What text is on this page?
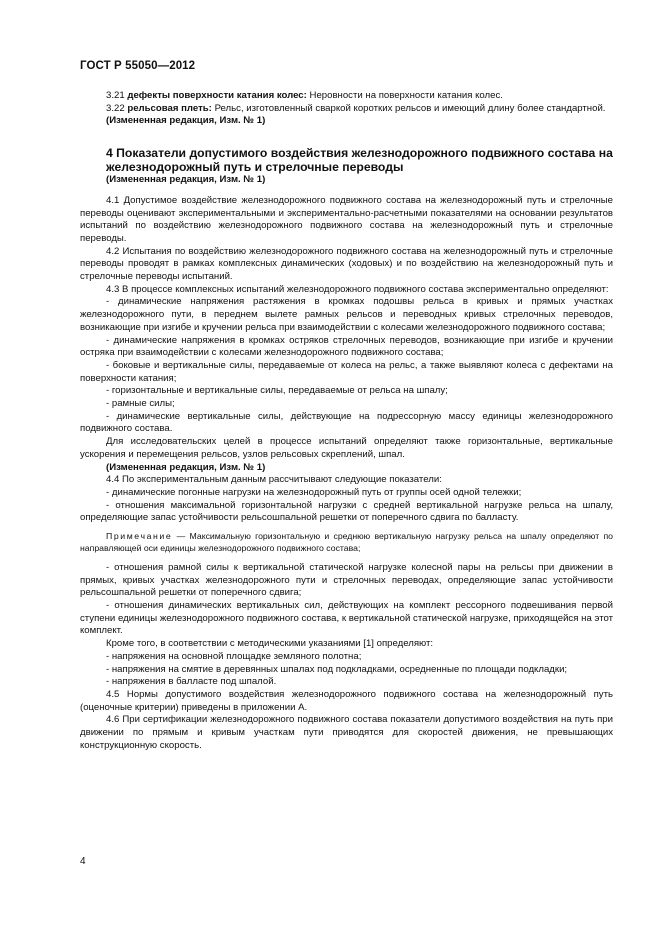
ГОСТ Р 55050—2012

3.21 дефекты поверхности катания колес: Неровности на поверхности катания колес.

3.22 рельсовая плеть: Рельс, изготовленный сваркой коротких рельсов и имеющий длину более стандартной.

(Измененная редакция, Изм. № 1)

4 Показатели допустимого воздействия железнодорожного подвижного состава на железнодорожный путь и стрелочные переводы
(Измененная редакция, Изм. № 1)

4.1 Допустимое воздействие железнодорожного подвижного состава на железнодорожный путь и стрелочные переводы оценивают экспериментальными и экспериментально-расчетными показателями на основании результатов испытаний по воздействию железнодорожного подвижного состава на железнодорожный путь и стрелочные переводы.

4.2 Испытания по воздействию железнодорожного подвижного состава на железнодорожный путь и стрелочные переводы проводят в рамках комплексных динамических (ходовых) и по воздействию на железнодорожный путь и стрелочные переводы испытаний.

4.3 В процессе комплексных испытаний железнодорожного подвижного состава экспериментально определяют:

- динамические напряжения растяжения в кромках подошвы рельса в кривых и прямых участках железнодорожного пути, в переднем вылете рамных рельсов и переводных кривых стрелочных переводов, возникающие при изгибе и кручении рельса при взаимодействии с колесами железнодорожного подвижного состава;

- динамические напряжения в кромках остряков стрелочных переводов, возникающие при изгибе и кручении остряка при взаимодействии с колесами железнодорожного подвижного состава;

- боковые и вертикальные силы, передаваемые от колеса на рельс, а также выявляют колеса с дефектами на поверхности катания;

- горизонтальные и вертикальные силы, передаваемые от рельса на шпалу;

- рамные силы;

- динамические вертикальные силы, действующие на подрессорную массу единицы железнодорожного подвижного состава.

Для исследовательских целей в процессе испытаний определяют также горизонтальные, вертикальные ускорения и перемещения рельсов, узлов рельсовых скреплений, шпал.

(Измененная редакция, Изм. № 1)

4.4 По экспериментальным данным рассчитывают следующие показатели:

- динамические погонные нагрузки на железнодорожный путь от группы осей одной тележки;

- отношения максимальной горизонтальной нагрузки с средней вертикальной нагрузке рельса на шпалу, определяющие запас устойчивости рельсошпальной решетки от поперечного сдвига по балласту.

Примечание — Максимальную горизонтальную и среднюю вертикальную нагрузку рельса на шпалу определяют по направляющей оси единицы железнодорожного подвижного состава;

- отношения рамной силы к вертикальной статической нагрузке колесной пары на рельсы при движении в прямых, кривых участках железнодорожного пути и стрелочных переводах, определяющие запас устойчивости рельсошпальной решетки от поперечного сдвига;

- отношения динамических вертикальных сил, действующих на комплект рессорного подвешивания первой ступени единицы железнодорожного подвижного состава, к вертикальной статической нагрузке, приходящейся на этот комплект.

Кроме того, в соответствии с методическими указаниями [1] определяют:

- напряжения на основной площадке земляного полотна;

- напряжения на смятие в деревянных шпалах под подкладками, осредненные по площади подкладки;

- напряжения в балласте под шпалой.

4.5 Нормы допустимого воздействия железнодорожного подвижного состава на железнодорожный путь (оценочные критерии) приведены в приложении А.

4.6 При сертификации железнодорожного подвижного состава показатели допустимого воздействия на путь при движении по прямым и кривым участкам пути приводятся для скоростей движения, не превышающих конструкционную скорость.

4
